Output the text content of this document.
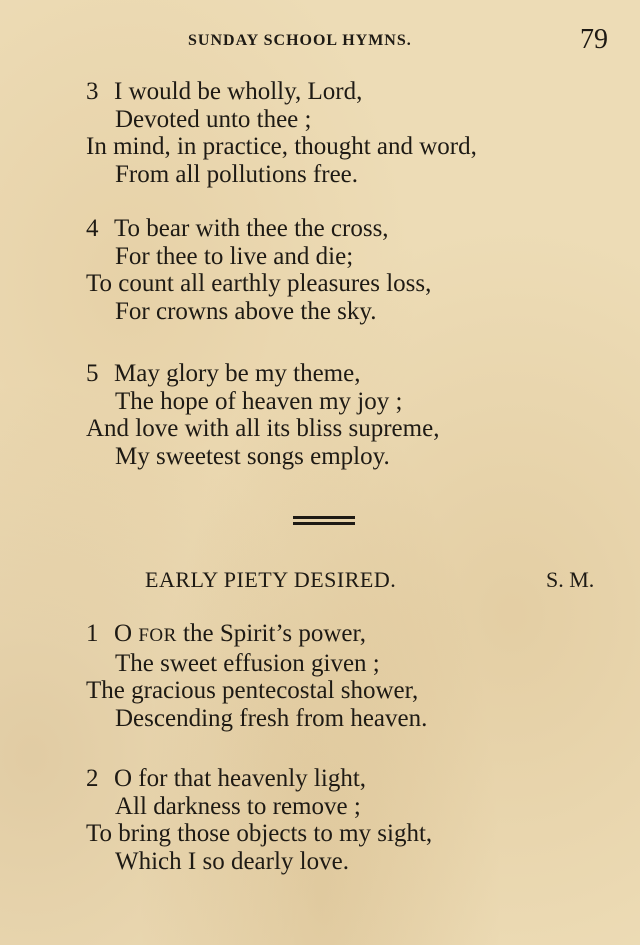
SUNDAY SCHOOL HYMNS.	79
3 I would be wholly, Lord,
Devoted unto thee ;
In mind, in practice, thought and word,
From all pollutions free.
4 To bear with thee the cross,
For thee to live and die;
To count all earthly pleasures loss,
For crowns above the sky.
5 May glory be my theme,
The hope of heaven my joy ;
And love with all its bliss supreme,
My sweetest songs employ.
EARLY PIETY DESIRED.	S. M.
1 O FOR the Spirit’s power,
The sweet effusion given ;
The gracious pentecostal shower,
Descending fresh from heaven.
2 O for that heavenly light,
All darkness to remove ;
To bring those objects to my sight,
Which I so dearly love.
